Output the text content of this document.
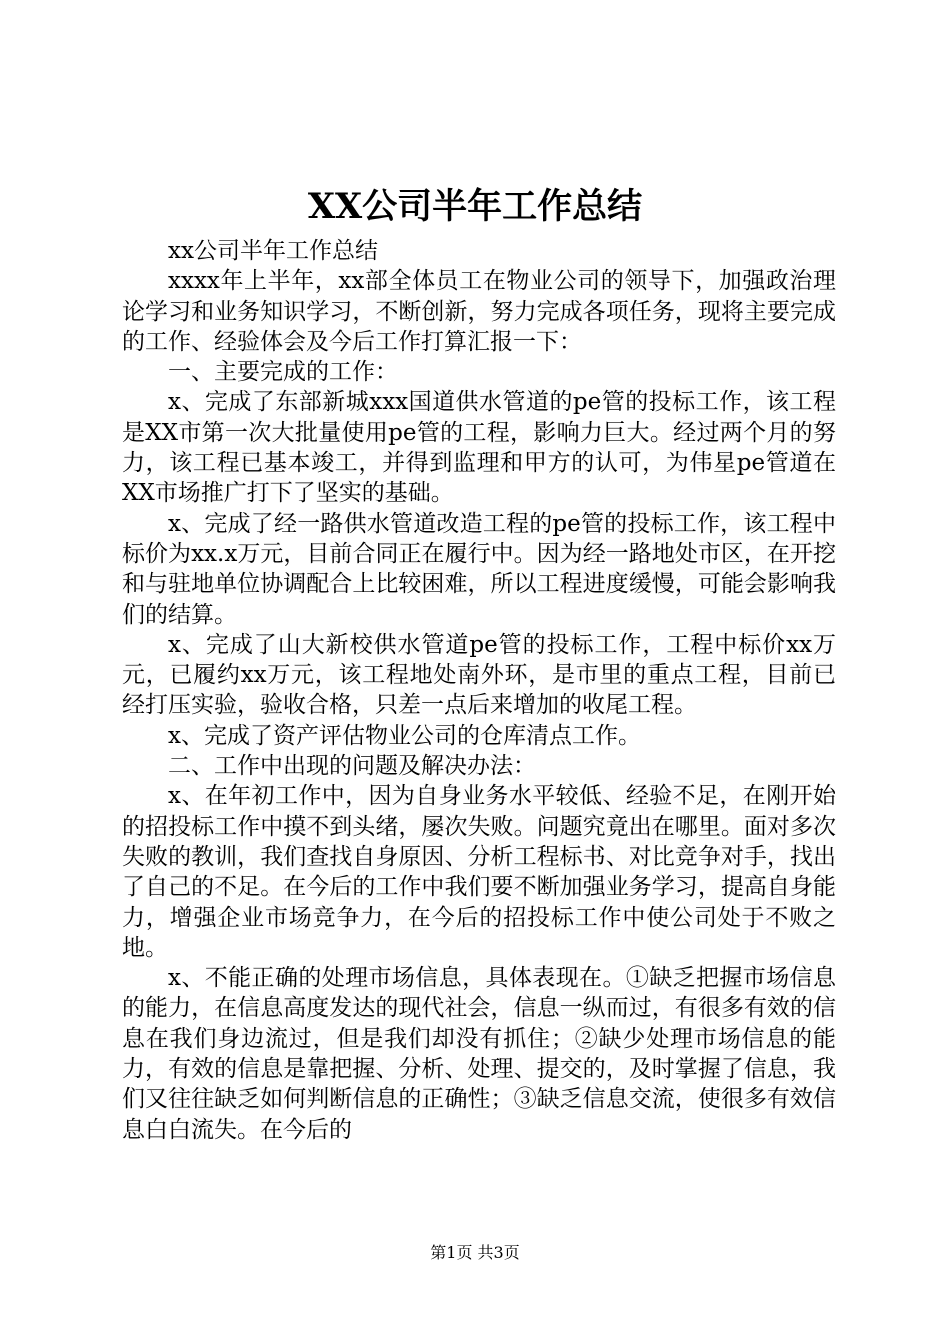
XX公司半年工作总结

xx公司半年工作总结

xxxx年上半年，xx部全体员工在物业公司的领导下，加强政治理论学习和业务知识学习，不断创新，努力完成各项任务，现将主要完成的工作、经验体会及今后工作打算汇报一下：

一、主要完成的工作：

x、完成了东部新城xxx国道供水管道的pe管的投标工作，该工程是XX市第一次大批量使用pe管的工程，影响力巨大。经过两个月的努力，该工程已基本竣工，并得到监理和甲方的认可，为伟星pe管道在XX市场推广打下了坚实的基础。

x、完成了经一路供水管道改造工程的pe管的投标工作，该工程中标价为xx.x万元，目前合同正在履行中。因为经一路地处市区，在开挖和与驻地单位协调配合上比较困难，所以工程进度缓慢，可能会影响我们的结算。

x、完成了山大新校供水管道pe管的投标工作，工程中标价xx万元，已履约xx万元，该工程地处南外环，是市里的重点工程，目前已经打压实验，验收合格，只差一点后来增加的收尾工程。

x、完成了资产评估物业公司的仓库清点工作。

二、工作中出现的问题及解决办法：

x、在年初工作中，因为自身业务水平较低、经验不足，在刚开始的招投标工作中摸不到头绪，屡次失败。问题究竟出在哪里。面对多次失败的教训，我们查找自身原因、分析工程标书、对比竞争对手，找出了自己的不足。在今后的工作中我们要不断加强业务学习，提高自身能力，增强企业市场竞争力，在今后的招投标工作中使公司处于不败之地。

x、不能正确的处理市场信息，具体表现在。①缺乏把握市场信息的能力，在信息高度发达的现代社会，信息一纵而过，有很多有效的信息在我们身边流过，但是我们却没有抓住；②缺少处理市场信息的能力，有效的信息是靠把握、分析、处理、提交的，及时掌握了信息，我们又往往缺乏如何判断信息的正确性；③缺乏信息交流，使很多有效信息白白流失。在今后的

第1页 共3页
